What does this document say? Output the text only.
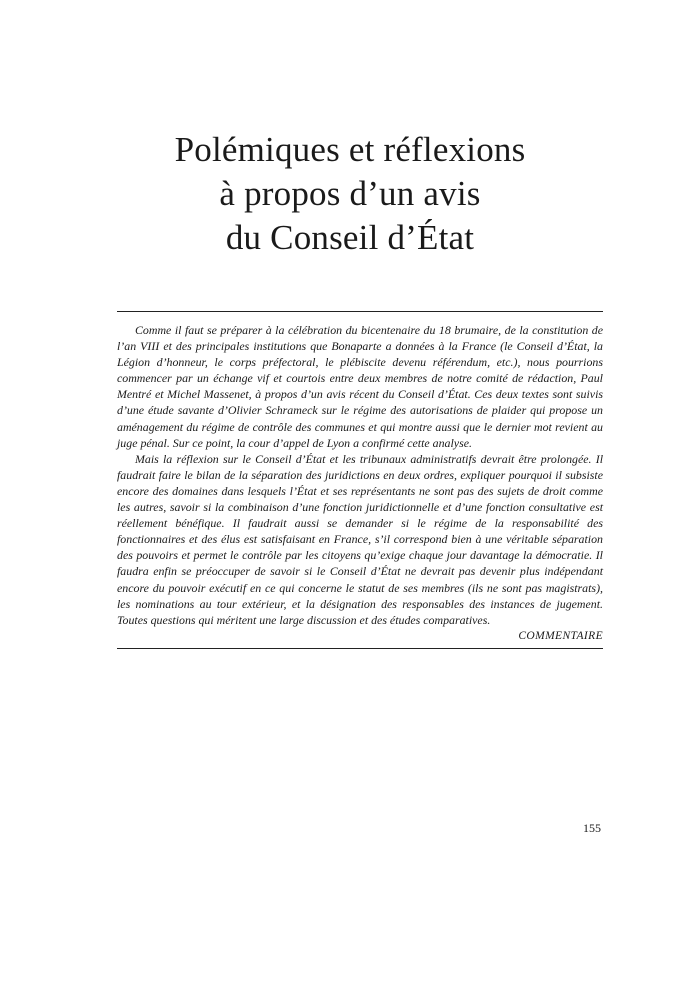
Polémiques et réflexions
à propos d’un avis
du Conseil d’État

Comme il faut se préparer à la célébration du bicentenaire du 18 brumaire, de la constitution de l’an VIII et des principales institutions que Bonaparte a données à la France (le Conseil d’État, la Légion d’honneur, le corps préfectoral, le plébiscite devenu référendum, etc.), nous pourrions commencer par un échange vif et courtois entre deux membres de notre comité de rédaction, Paul Mentré et Michel Massenet, à propos d’un avis récent du Conseil d’État. Ces deux textes sont suivis d’une étude savante d’Olivier Schrameck sur le régime des autorisations de plaider qui propose un aménagement du régime de contrôle des communes et qui montre aussi que le dernier mot revient au juge pénal. Sur ce point, la cour d’appel de Lyon a confirmé cette analyse.

Mais la réflexion sur le Conseil d’État et les tribunaux administratifs devrait être prolongée. Il faudrait faire le bilan de la séparation des juridictions en deux ordres, expliquer pourquoi il subsiste encore des domaines dans lesquels l’État et ses représentants ne sont pas des sujets de droit comme les autres, savoir si la combinaison d’une fonction juridictionnelle et d’une fonction consultative est réellement bénéfique. Il faudrait aussi se demander si le régime de la responsabilité des fonctionnaires et des élus est satisfaisant en France, s’il correspond bien à une véritable séparation des pouvoirs et permet le contrôle par les citoyens qu’exige chaque jour davantage la démocratie. Il faudra enfin se préoccuper de savoir si le Conseil d’État ne devrait pas devenir plus indépendant encore du pouvoir exécutif en ce qui concerne le statut de ses membres (ils ne sont pas magistrats), les nominations au tour extérieur, et la désignation des responsables des instances de jugement. Toutes questions qui méritent une large discussion et des études comparatives.

COMMENTAIRE

155
